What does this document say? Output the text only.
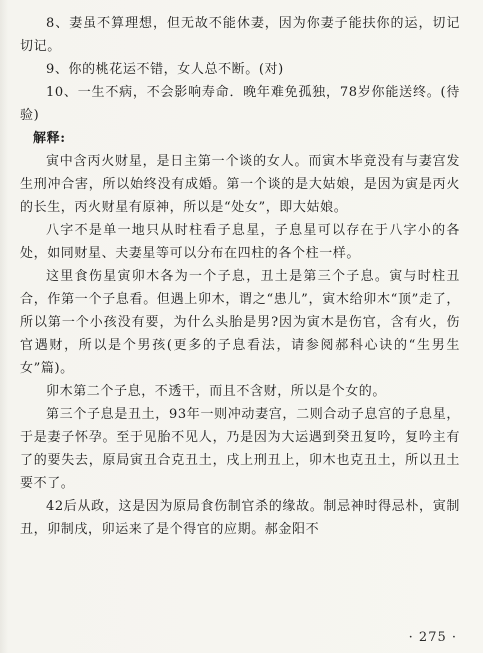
8、妻虽不算理想，但无故不能休妻，因为你妻子能扶你的运，切记切记。

9、你的桃花运不错，女人总不断。(对)

10、一生不病，不会影响寿命．晚年难免孤独，78岁你能送终。(待验)

解释:

寅中含丙火财星，是日主第一个谈的女人。而寅木毕竟没有与妻宫发生刑冲合害，所以始终没有成婚。第一个谈的是大姑娘，是因为寅是丙火的长生，丙火财星有原神，所以是“处女”，即大姑娘。

八字不是单一地只从时柱看子息星，子息星可以存在于八字小的各处，如同财星、夫妻星等可以分布在四柱的各个柱一样。

这里食伤星寅卯木各为一个子息，丑土是第三个子息。寅与时柱丑合，作第一个子息看。但遇上卯木，谓之“患儿”，寅木给卯木“顶”走了，所以第一个小孩没有要，为什么头胎是男?因为寅木是伤官，含有火，伤官遇财，所以是个男孩(更多的子息看法，请参阅郝科心诀的“生男生女”篇)。

卯木第二个子息，不透干，而且不含财，所以是个女的。

第三个子息是丑土，93年一则冲动妻宫，二则合动子息宫的子息星，于是妻子怀孕。至于见胎不见人，乃是因为大运遇到癸丑复吟，复吟主有了的要失去，原局寅丑合克丑土，戌上刑丑上，卯木也克丑土，所以丑土要不了。

42后从政，这是因为原局食伤制官杀的缘故。制忌神时得忌朴，寅制丑，卯制戌，卯运来了是个得官的应期。郝金阳不

· 275 ·
